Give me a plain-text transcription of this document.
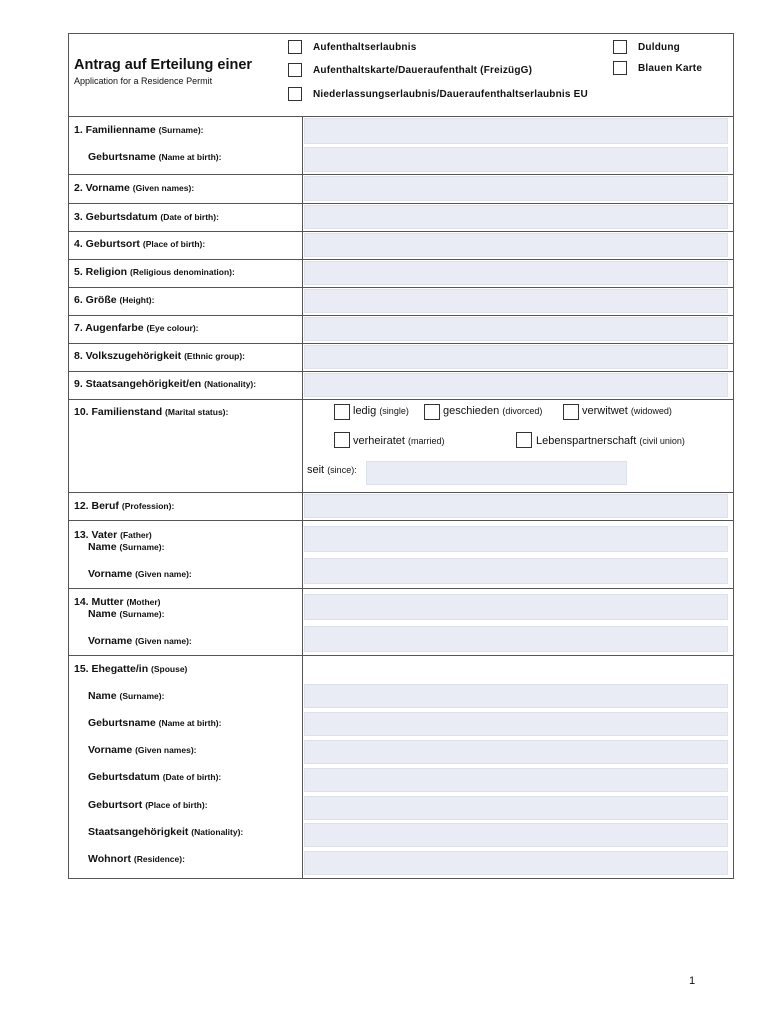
Antrag auf Erteilung einer
Application for a Residence Permit
Aufenthaltserlaubnis
Aufenthaltskarte/Daueraufenthalt (FreizügG)
Niederlassungserlaubnis/Daueraufenthaltserlaubnis EU
Duldung
Blauen Karte
1. Familienname (Surname):
Geburtsname (Name at birth):
2. Vorname (Given names):
3. Geburtsdatum (Date of birth):
4. Geburtsort (Place of birth):
5. Religion (Religious denomination):
6. Größe (Height):
7. Augenfarbe (Eye colour):
8. Volkszugehörigkeit (Ethnic group):
9. Staatsangehörigkeit/en (Nationality):
10. Familienstand (Marital status):
12. Beruf (Profession):
13. Vater (Father)
Name (Surname):
Vorname (Given name):
14. Mutter (Mother)
Name (Surname):
Vorname (Given name):
15. Ehegatte/in (Spouse)
Name (Surname):
Geburtsname (Name at birth):
Vorname (Given names):
Geburtsdatum (Date of birth):
Geburtsort (Place of birth):
Staatsangehörigkeit (Nationality):
Wohnort (Residence):
ledig (single)	geschieden (divorced)	verwitwet (widowed)
verheiratet (married)	Lebenspartnerschaft (civil union)
seit (since):
1
